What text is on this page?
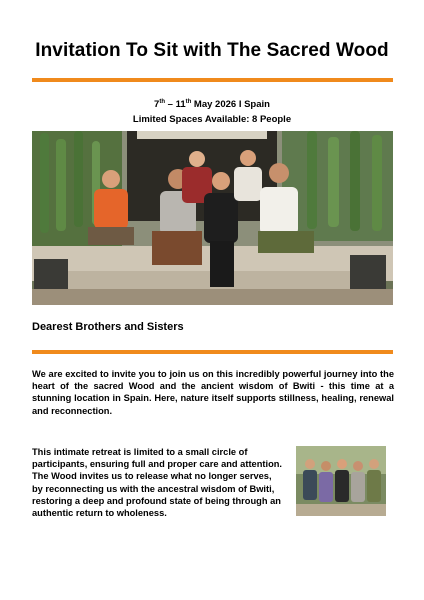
Invitation To Sit with The Sacred Wood
7th – 11th May 2026 I Spain
Limited Spaces Available: 8 People
Dearest Brothers and Sisters
We are excited to invite you to join us on this incredibly powerful journey into the heart of the sacred Wood and the ancient wisdom of Bwiti - this time at a stunning location in Spain. Here, nature itself supports stillness, healing, renewal and reconnection.
This intimate retreat is limited to a small circle of participants, ensuring full and proper care and attention. The Wood invites us to release what no longer serves, by reconnecting us with the ancestral wisdom of Bwiti, restoring a deep and profound state of being through an authentic return to wholeness.
